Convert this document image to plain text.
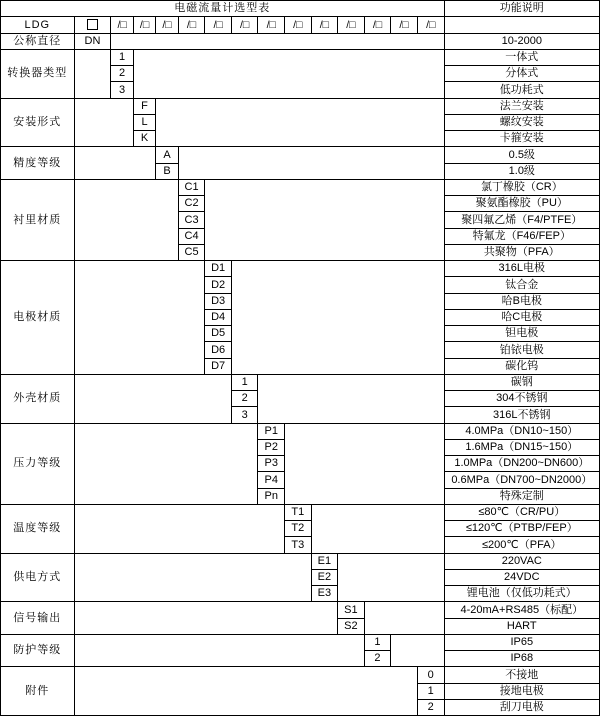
电磁流量计选型表															功能说明
LDG		/□	/□	/□	/□	/□	/□	/□	/□	/□	/□	/□	/□	/□	
公称直径	DN														10-2000
转换器类型		1													一体式
		2													分体式
		3													低功耗式
安装形式			F												法兰安装
			L												螺纹安装
			K												卡箍安装
精度等级				A											0.5级
				B											1.0级
衬里材质					C1										氯丁橡胶（CR）
					C2										聚氨酯橡胶（PU）
					C3										聚四氟乙烯（F4/PTFE）
					C4										特氟龙（F46/FEP）
					C5										共聚物（PFA）
电极材质						D1									316L电极
						D2									钛合金
						D3									哈B电极
						D4									哈C电极
						D5									钽电极
						D6									铂铱电极
						D7									碳化钨
外壳材质							1								碳钢
							2								304不锈钢
							3								316L不锈钢
压力等级								P1							4.0MPa（DN10~150）
								P2							1.6MPa（DN15~150）
								P3							1.0MPa（DN200~DN600）
								P4							0.6MPa（DN700~DN2000）
								Pn							特殊定制
温度等级									T1						≤80℃（CR/PU）
									T2						≤120℃（PTBP/FEP）
									T3						≤200℃（PFA）
供电方式										E1					220VAC
										E2					24VDC
										E3					锂电池（仅低功耗式）
信号输出											S1				4-20mA+RS485（标配）
											S2				HART
防护等级												1			IP65
												2			IP68
附件														0	不接地
														1	接地电极
														2	刮刀电极
